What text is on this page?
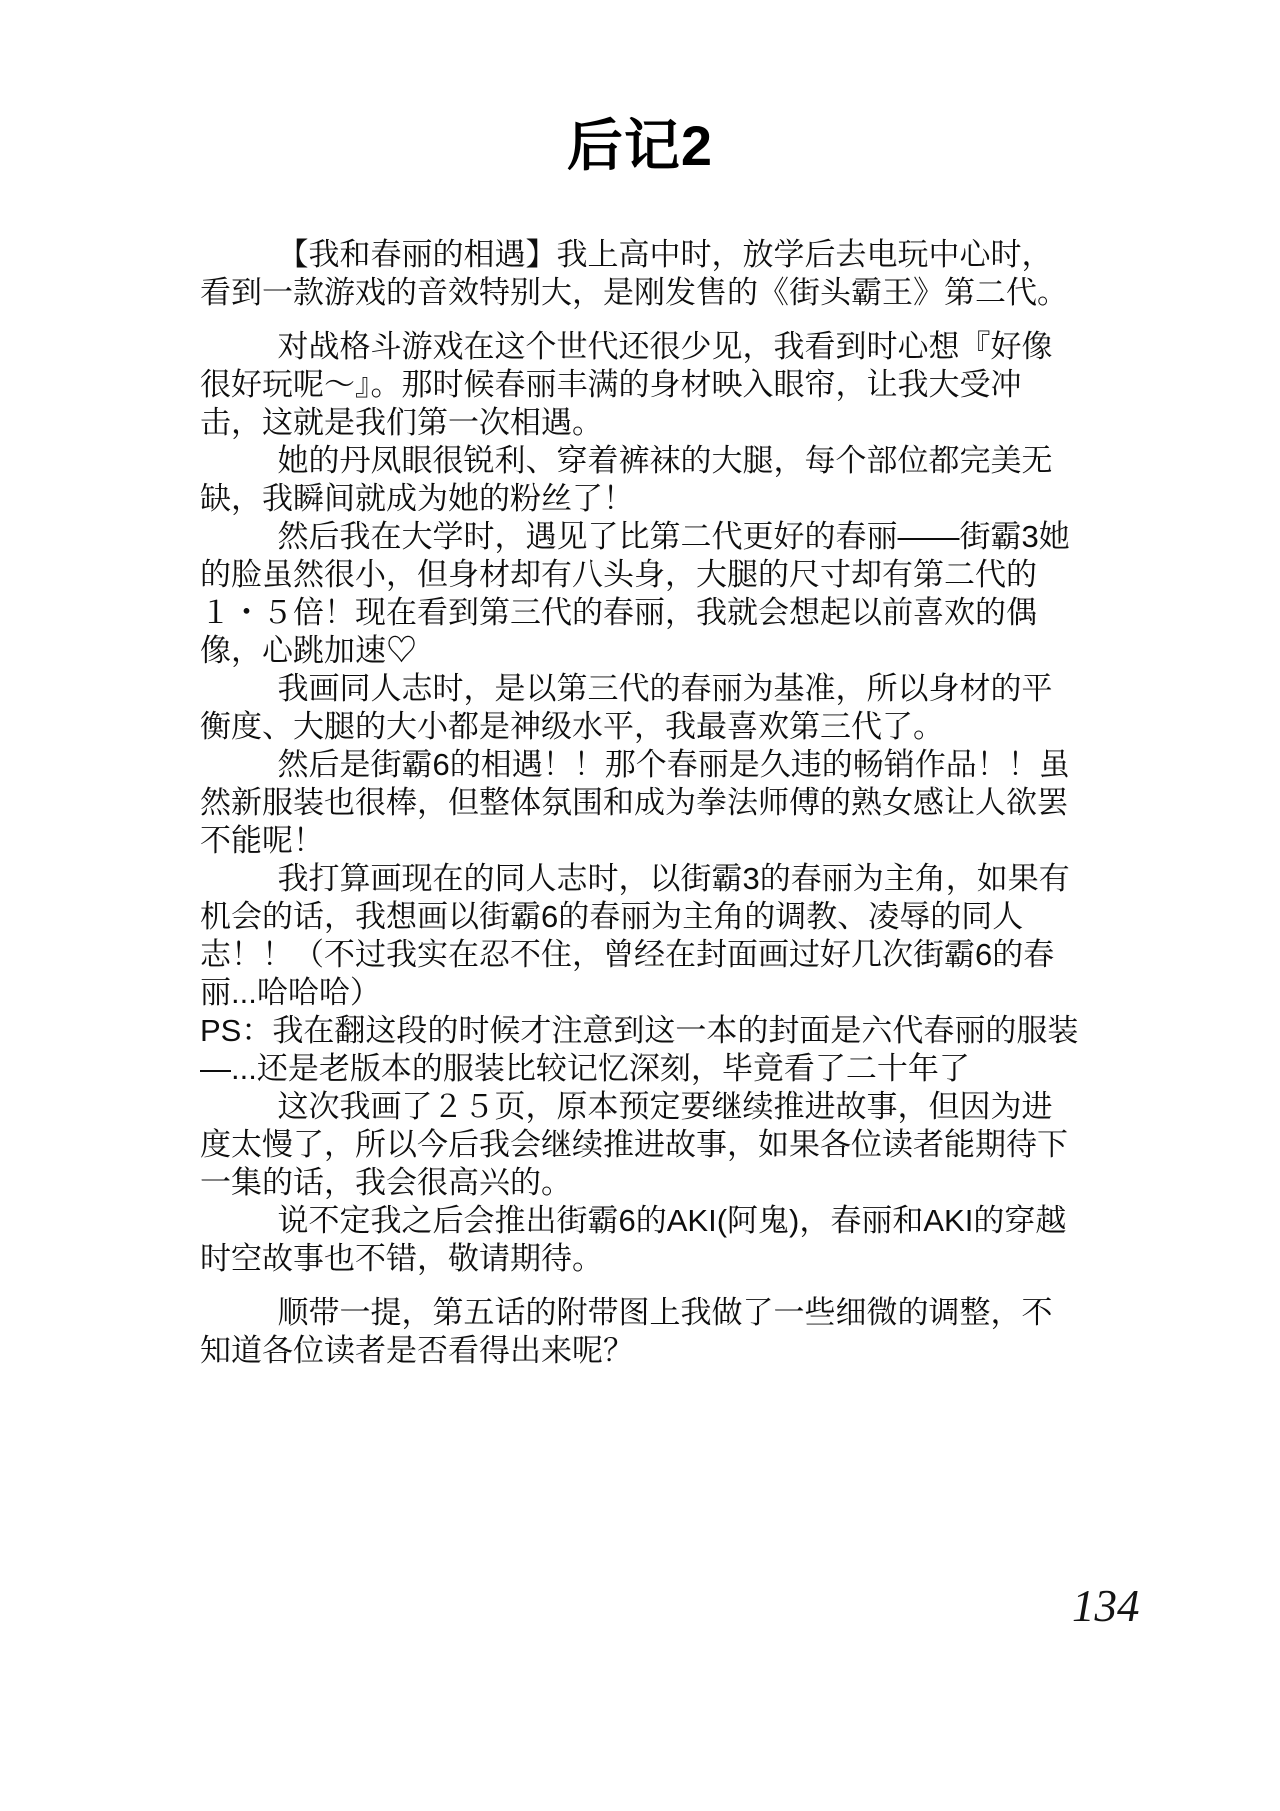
后记2

【我和春丽的相遇】我上高中时，放学后去电玩中心时，看到一款游戏的音效特别大，是刚发售的《街头霸王》第二代。

对战格斗游戏在这个世代还很少见，我看到时心想『好像很好玩呢～』。那时候春丽丰满的身材映入眼帘，让我大受冲击，这就是我们第一次相遇。

她的丹凤眼很锐利、穿着裤袜的大腿，每个部位都完美无缺，我瞬间就成为她的粉丝了！

然后我在大学时，遇见了比第二代更好的春丽——街霸3她的脸虽然很小，但身材却有八头身，大腿的尺寸却有第二代的１・５倍！现在看到第三代的春丽，我就会想起以前喜欢的偶像，心跳加速♡

我画同人志时，是以第三代的春丽为基准，所以身材的平衡度、大腿的大小都是神级水平，我最喜欢第三代了。

然后是街霸6的相遇！！那个春丽是久违的畅销作品！！虽然新服装也很棒，但整体氛围和成为拳法师傅的熟女感让人欲罢不能呢！

我打算画现在的同人志时，以街霸3的春丽为主角，如果有机会的话，我想画以街霸6的春丽为主角的调教、凌辱的同人志！！（不过我实在忍不住，曾经在封面画过好几次街霸6的春丽...哈哈哈）

PS：我在翻这段的时候才注意到这一本的封面是六代春丽的服装—...还是老版本的服装比较记忆深刻，毕竟看了二十年了

这次我画了２５页，原本预定要继续推进故事，但因为进度太慢了，所以今后我会继续推进故事，如果各位读者能期待下一集的话，我会很高兴的。

说不定我之后会推出街霸6的AKI(阿鬼)，春丽和AKI的穿越时空故事也不错，敬请期待。

顺带一提，第五话的附带图上我做了一些细微的调整，不知道各位读者是否看得出来呢？

134
